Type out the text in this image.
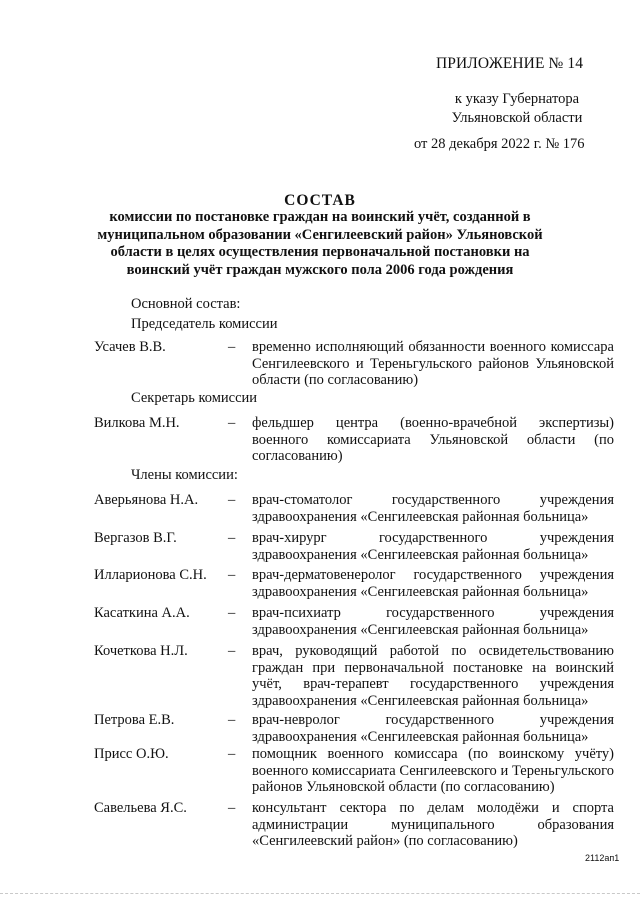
ПРИЛОЖЕНИЕ № 14
к указу Губернатора
Ульяновской области
от 28 декабря 2022 г. № 176
СОСТАВ
комиссии по постановке граждан на воинский учёт, созданной в муниципальном образовании «Сенгилеевский район» Ульяновской области в целях осуществления первоначальной постановки на воинский учёт граждан мужского пола 2006 года рождения
Основной состав:
Председатель комиссии
Усачев В.В.	– временно исполняющий обязанности военного комиссара Сенгилеевского и Тереньгульского районов Ульяновской области (по согласованию)
Секретарь комиссии
Вилкова М.Н.	– фельдшер центра (военно-врачебной экспертизы) военного комиссариата Ульяновской области (по согласованию)
Члены комиссии:
Аверьянова Н.А. – врач-стоматолог государственного учреждения здравоохранения «Сенгилеевская районная больница»
Вергазов В.Г.	– врач-хирург государственного учреждения здравоохранения «Сенгилеевская районная больница»
Илларионова С.Н. – врач-дерматовенеролог государственного учреждения здравоохранения «Сенгилеевская районная больница»
Касаткина А.А.	– врач-психиатр государственного учреждения здравоохранения «Сенгилеевская районная больница»
Кочеткова Н.Л.	– врач, руководящий работой по освидетельствованию граждан при первоначальной постановке на воинский учёт, врач-терапевт государственного учреждения здравоохранения «Сенгилеевская районная больница»
Петрова Е.В.	– врач-невролог государственного учреждения здравоохранения «Сенгилеевская районная больница»
Присс О.Ю.	– помощник военного комиссара (по воинскому учёту) военного комиссариата Сенгилеевского и Тереньгульского районов Ульяновской области (по согласованию)
Савельева Я.С.	– консультант сектора по делам молодёжи и спорта администрации муниципального образования «Сенгилеевский район» (по согласованию)
2112ап1
